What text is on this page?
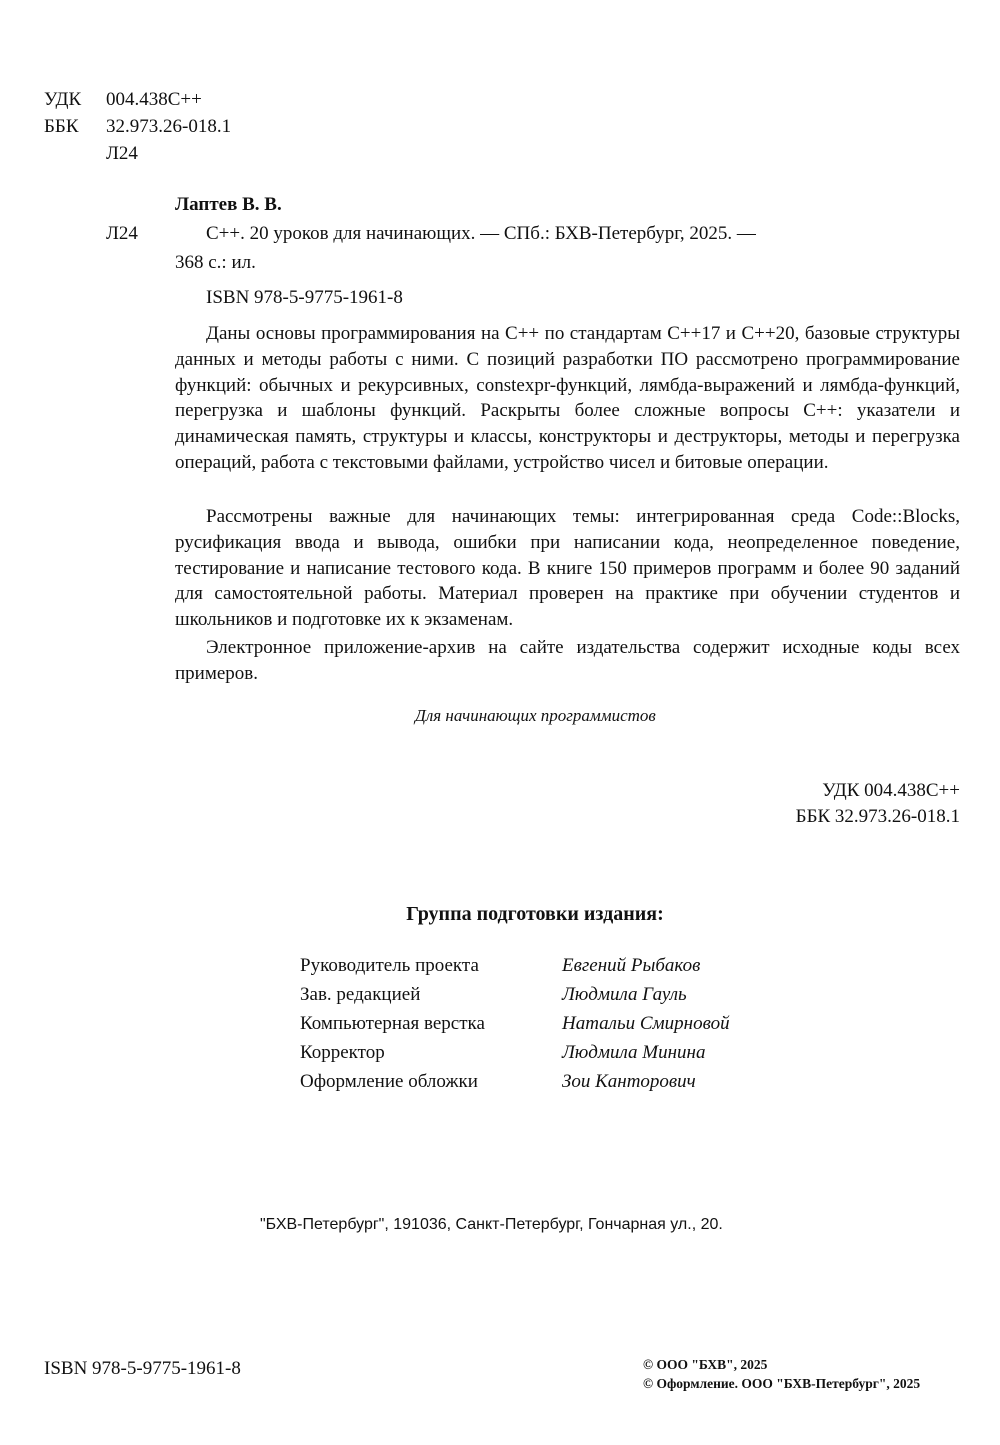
УДК 004.438C++
ББК 32.973.26-018.1
Л24
Лаптев В. В.
Л24	С++. 20 уроков для начинающих. — СПб.: БХВ-Петербург, 2025. —
368 с.: ил.
ISBN 978-5-9775-1961-8
Даны основы программирования на С++ по стандартам C++17 и C++20, базовые структуры данных и методы работы с ними. С позиций разработки ПО рассмотрено программирование функций: обычных и рекурсивных, constexpr-функций, лямбда-выражений и лямбда-функций, перегрузка и шаблоны функций. Раскрыты более сложные вопросы С++: указатели и динамическая память, структуры и классы, конструкторы и деструкторы, методы и перегрузка операций, работа с текстовыми файлами, устройство чисел и битовые операции.
Рассмотрены важные для начинающих темы: интегрированная среда Code::Blocks, русификация ввода и вывода, ошибки при написании кода, неопределенное поведение, тестирование и написание тестового кода. В книге 150 примеров программ и более 90 заданий для самостоятельной работы. Материал проверен на практике при обучении студентов и школьников и подготовке их к экзаменам.
Электронное приложение-архив на сайте издательства содержит исходные коды всех примеров.
Для начинающих программистов
УДК 004.438С++
ББК 32.973.26-018.1
Группа подготовки издания:
Руководитель проекта	Евгений Рыбаков
Зав. редакцией	Людмила Гауль
Компьютерная верстка	Натальи Смирновой
Корректор	Людмила Минина
Оформление обложки	Зои Канторович
"БХВ-Петербург", 191036, Санкт-Петербург, Гончарная ул., 20.
ISBN 978-5-9775-1961-8	© ООО "БХВ", 2025
© Оформление. ООО "БХВ-Петербург", 2025
